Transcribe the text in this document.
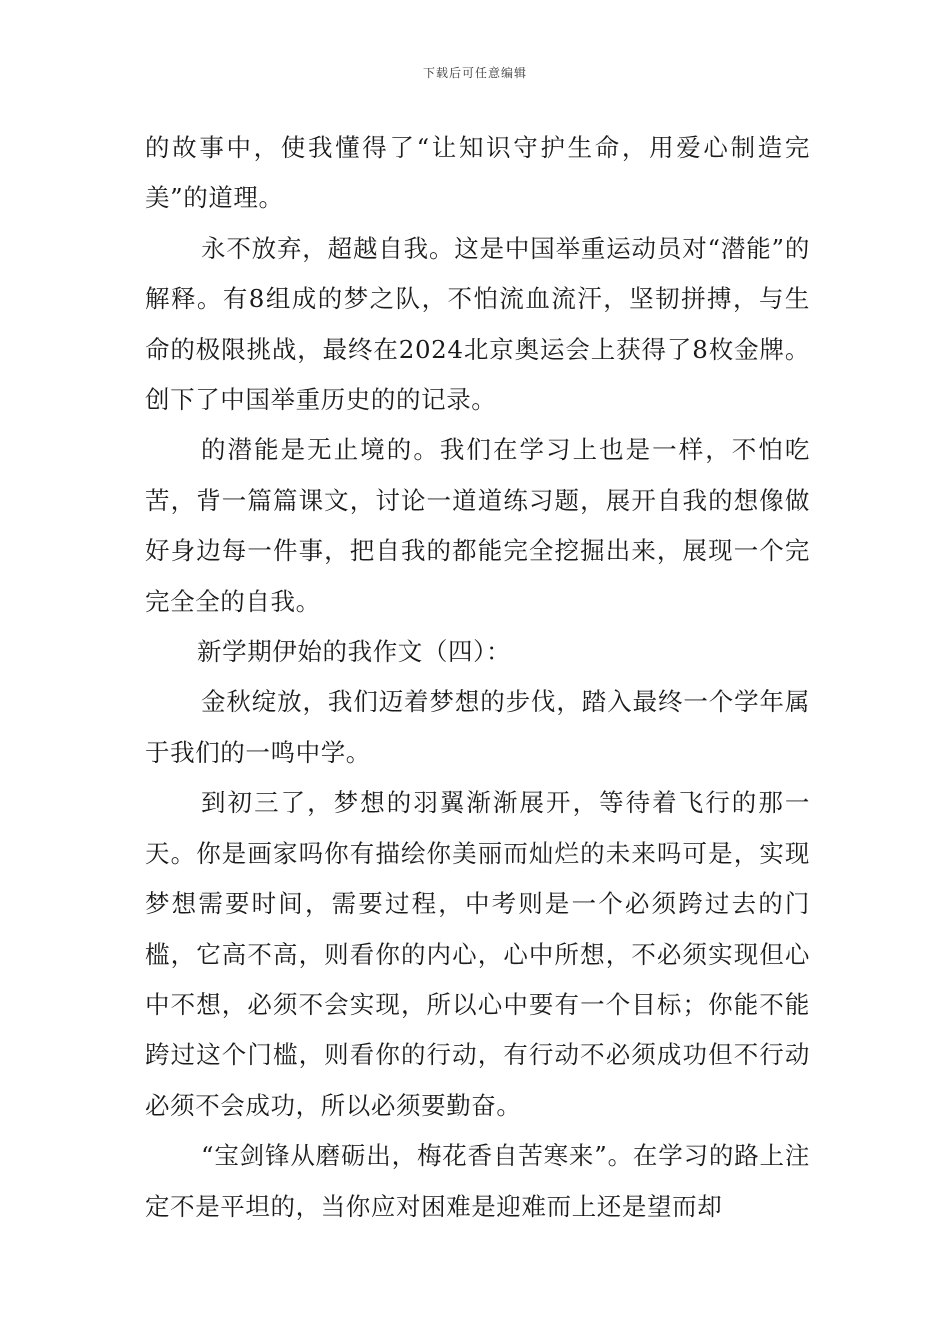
下载后可任意编辑

的故事中，使我懂得了“让知识守护生命，用爱心制造完美”的道理。

永不放弃，超越自我。这是中国举重运动员对“潜能”的解释。有8组成的梦之队，不怕流血流汗，坚韧拼搏，与生命的极限挑战，最终在2024北京奥运会上获得了8枚金牌。创下了中国举重历史的的记录。

的潜能是无止境的。我们在学习上也是一样，不怕吃苦，背一篇篇课文，讨论一道道练习题，展开自我的想像做好身边每一件事，把自我的都能完全挖掘出来，展现一个完完全全的自我。

新学期伊始的我作文（四）：

金秋绽放，我们迈着梦想的步伐，踏入最终一个学年属于我们的一鸣中学。

到初三了，梦想的羽翼渐渐展开，等待着飞行的那一天。你是画家吗你有描绘你美丽而灿烂的未来吗可是，实现梦想需要时间，需要过程，中考则是一个必须跨过去的门槛，它高不高，则看你的内心，心中所想，不必须实现但心中不想，必须不会实现，所以心中要有一个目标；你能不能跨过这个门槛，则看你的行动，有行动不必须成功但不行动必须不会成功，所以必须要勤奋。

“宝剑锋从磨砺出，梅花香自苦寒来”。在学习的路上注定不是平坦的，当你应对困难是迎难而上还是望而却
